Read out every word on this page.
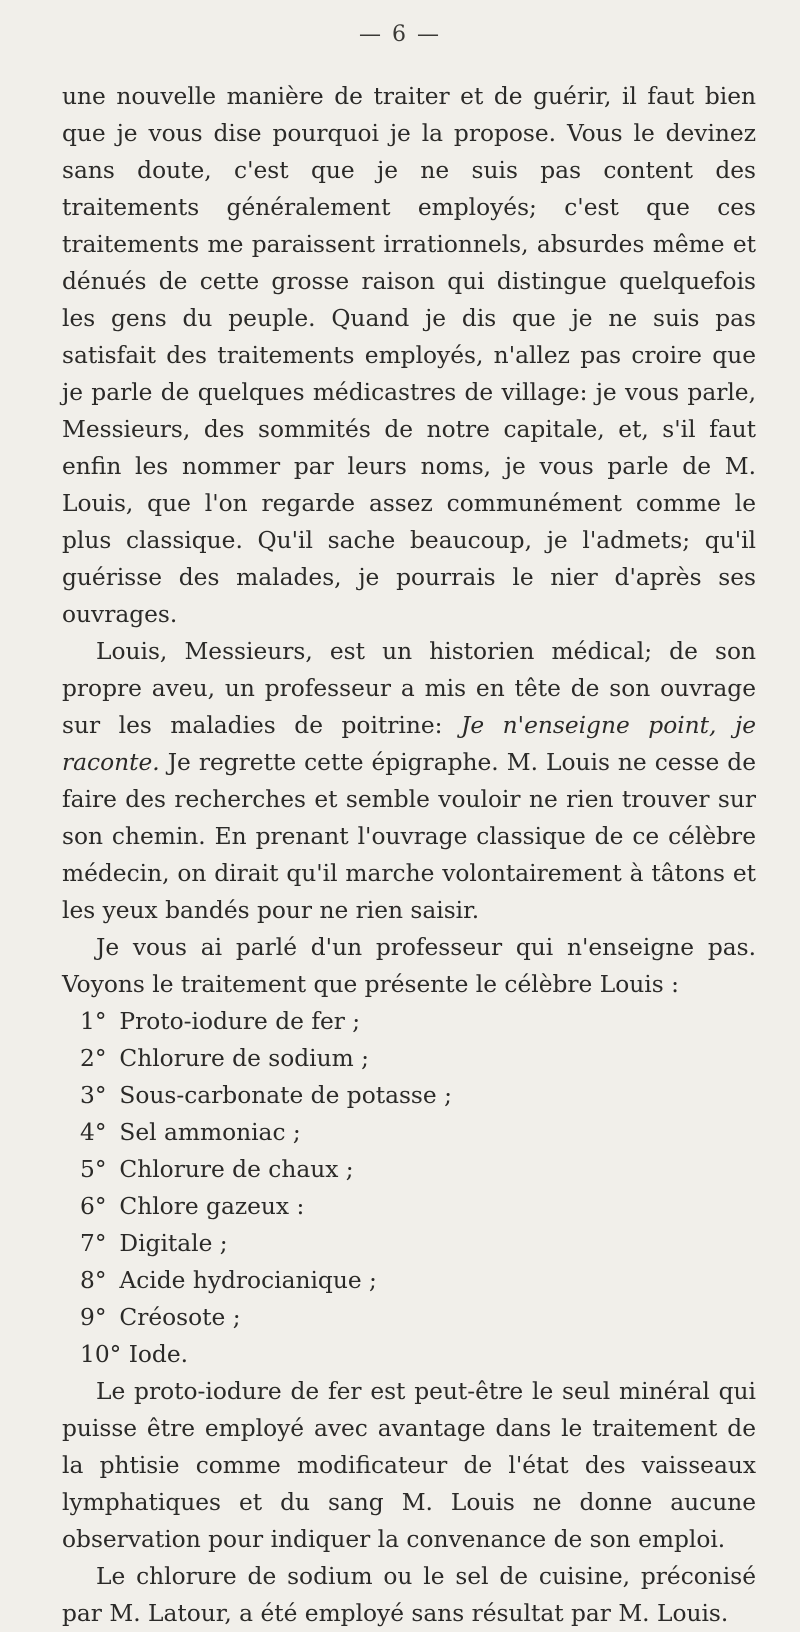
— 6 —

une nouvelle manière de traiter et de guérir, il faut bien que je vous dise pourquoi je la propose. Vous le devinez sans doute, c'est que je ne suis pas content des traitements généralement employés; c'est que ces traitements me paraissent irrationnels, absurdes même et dénués de cette grosse raison qui distingue quelquefois les gens du peuple. Quand je dis que je ne suis pas satisfait des traitements employés, n'allez pas croire que je parle de quelques médicastres de village: je vous parle, Messieurs, des sommités de notre capitale, et, s'il faut enfin les nommer par leurs noms, je vous parle de M. Louis, que l'on regarde assez communément comme le plus classique. Qu'il sache beaucoup, je l'admets; qu'il guérisse des malades, je pourrais le nier d'après ses ouvrages.

Louis, Messieurs, est un historien médical; de son propre aveu, un professeur a mis en tête de son ouvrage sur les maladies de poitrine: Je n'enseigne point, je raconte. Je regrette cette épigraphe. M. Louis ne cesse de faire des recherches et semble vouloir ne rien trouver sur son chemin. En prenant l'ouvrage classique de ce célèbre médecin, on dirait qu'il marche volontairement à tâtons et les yeux bandés pour ne rien saisir.

Je vous ai parlé d'un professeur qui n'enseigne pas. Voyons le traitement que présente le célèbre Louis :

1° Proto-iodure de fer ;
2° Chlorure de sodium ;
3° Sous-carbonate de potasse ;
4° Sel ammoniac ;
5° Chlorure de chaux ;
6° Chlore gazeux :
7° Digitale ;
8° Acide hydrocianique ;
9° Créosote ;
10° Iode.

Le proto-iodure de fer est peut-être le seul minéral qui puisse être employé avec avantage dans le traitement de la phtisie comme modificateur de l'état des vaisseaux lymphatiques et du sang M. Louis ne donne aucune observation pour indiquer la convenance de son emploi.

Le chlorure de sodium ou le sel de cuisine, préconisé par M. Latour, a été employé sans résultat par M. Louis.
